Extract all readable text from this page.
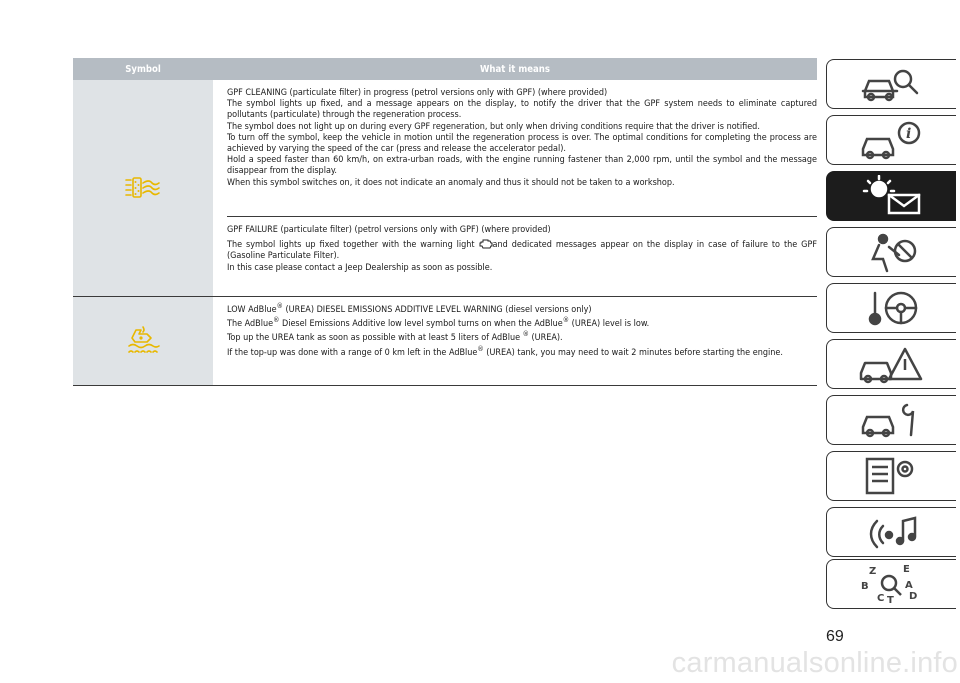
Symbol	What it means

GPF CLEANING (particulate filter) in progress (petrol versions only with GPF) (where provided)

The symbol lights up fixed, and a message appears on the display, to notify the driver that the GPF system needs to eliminate captured pollutants (particulate) through the regeneration process.

The symbol does not light up on during every GPF regeneration, but only when driving conditions require that the driver is notified.

To turn off the symbol, keep the vehicle in motion until the regeneration process is over. The optimal conditions for completing the process are achieved by varying the speed of the car (press and release the accelerator pedal).

Hold a speed faster than 60 km/h, on extra-urban roads, with the engine running fastener than 2,000 rpm, until the symbol and the message disappear from the display.

When this symbol switches on, it does not indicate an anomaly and thus it should not be taken to a workshop.

GPF FAILURE (particulate filter) (petrol versions only with GPF) (where provided)

The symbol lights up fixed together with the warning light and dedicated messages appear on the display in case of failure to the GPF (Gasoline Particulate Filter).

In this case please contact a Jeep Dealership as soon as possible.

LOW AdBlue® (UREA) DIESEL EMISSIONS ADDITIVE LEVEL WARNING (diesel versions only)

The AdBlue® Diesel Emissions Additive low level symbol turns on when the AdBlue® (UREA) level is low.

Top up the UREA tank as soon as possible with at least 5 liters of AdBlue ® (UREA).

If the top-up was done with a range of 0 km left in the AdBlue® (UREA) tank, you may need to wait 2 minutes before starting the engine.

i
Z	E
B	A
C D
T
69
carmanualsonline.info
